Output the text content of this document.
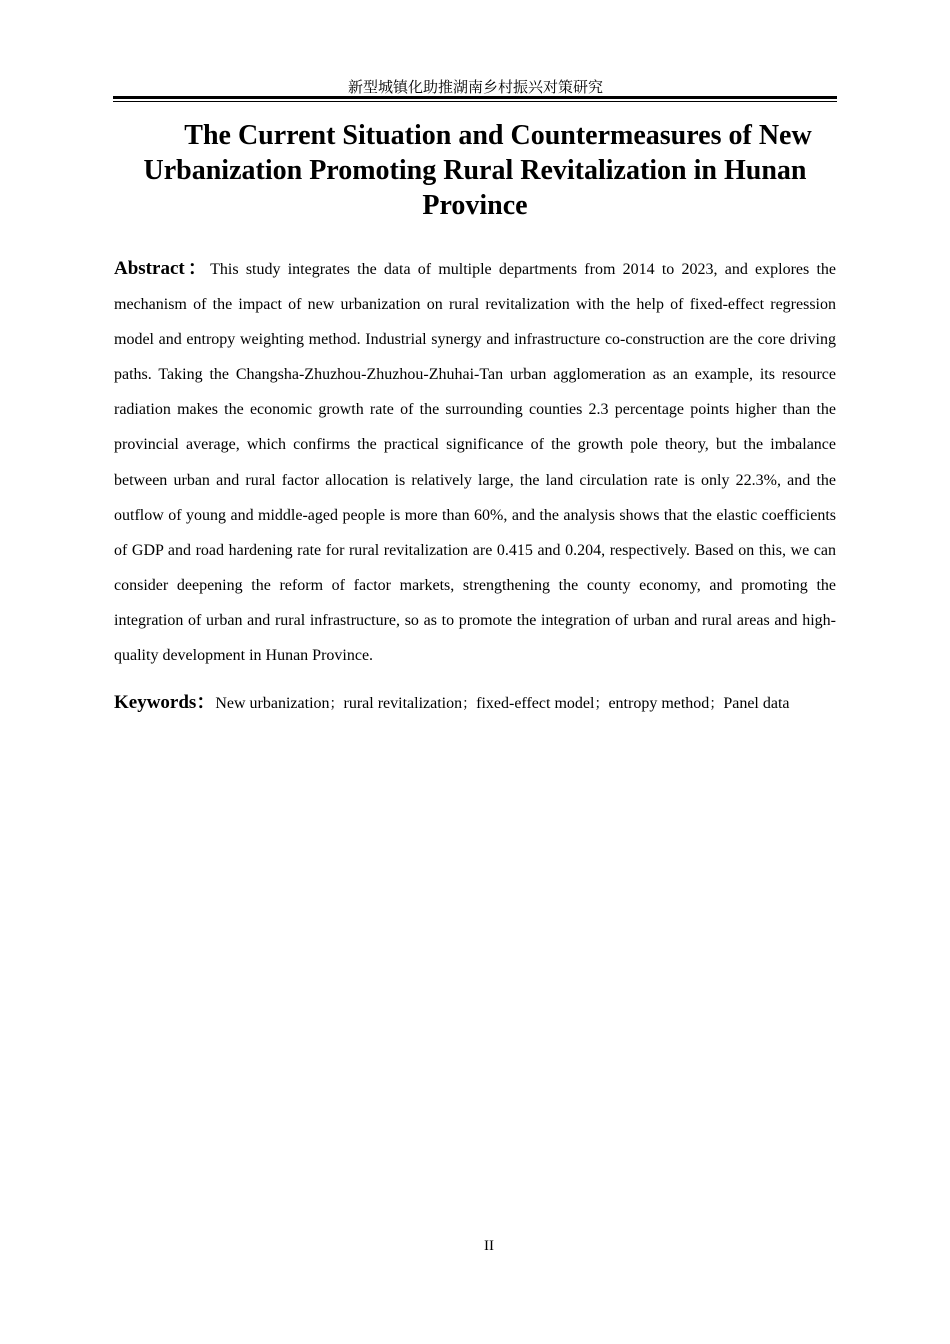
新型城镇化助推湖南乡村振兴对策研究
The Current Situation and Countermeasures of New Urbanization Promoting Rural Revitalization in Hunan Province

Abstract：This study integrates the data of multiple departments from 2014 to 2023, and explores the mechanism of the impact of new urbanization on rural revitalization with the help of fixed-effect regression model and entropy weighting method. Industrial synergy and infrastructure co-construction are the core driving paths. Taking the Changsha-Zhuzhou-Zhuzhou-Zhuhai-Tan urban agglomeration as an example, its resource radiation makes the economic growth rate of the surrounding counties 2.3 percentage points higher than the provincial average, which confirms the practical significance of the growth pole theory, but the imbalance between urban and rural factor allocation is relatively large, the land circulation rate is only 22.3%, and the outflow of young and middle-aged people is more than 60%, and the analysis shows that the elastic coefficients of GDP and road hardening rate for rural revitalization are 0.415 and 0.204, respectively. Based on this, we can consider deepening the reform of factor markets, strengthening the county economy, and promoting the integration of urban and rural infrastructure, so as to promote the integration of urban and rural areas and high-quality development in Hunan Province.

Keywords：New urbanization；rural revitalization；fixed-effect model；entropy method；Panel data

II
